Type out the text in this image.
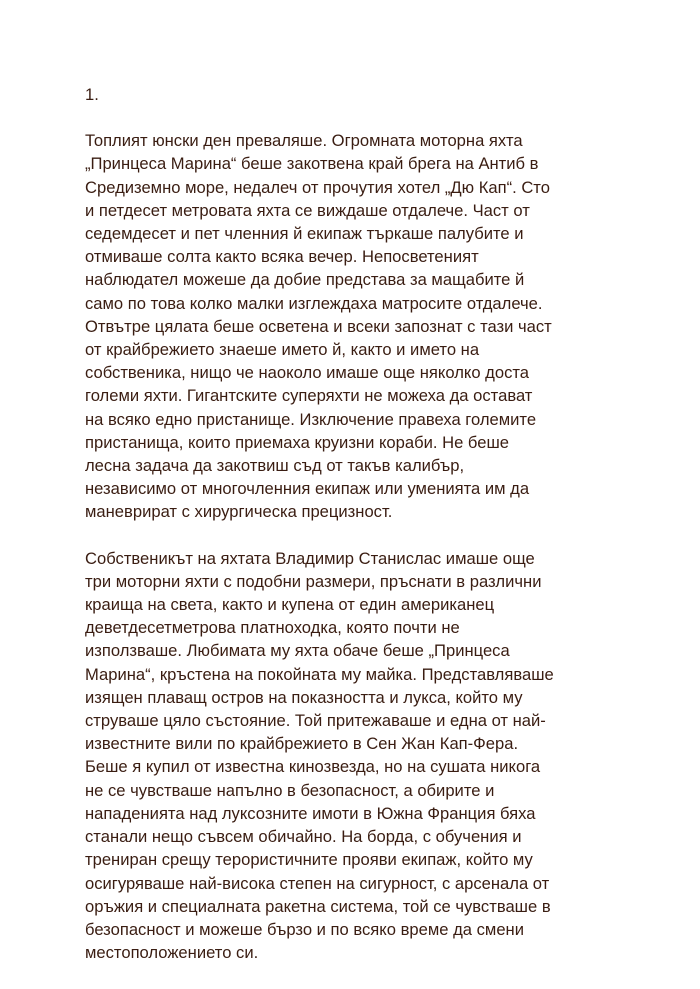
1.
Топлият юнски ден преваляше. Огромната моторна яхта
„Принцеса Марина“ беше закотвена край брега на Антиб в
Средиземно море, недалеч от прочутия хотел „Дю Кап“. Сто
и петдесет метровата яхта се виждаше отдалече. Част от
седемдесет и пет членния й екипаж търкаше палубите и
отмиваше солта както всяка вечер. Непосветеният
наблюдател можеше да добие представа за мащабите й
само по това колко малки изглеждаха матросите отдалече.
Отвътре цялата беше осветена и всеки запознат с тази част
от крайбрежието знаеше името й, както и името на
собственика, нищо че наоколо имаше още няколко доста
големи яхти. Гигантските суперяхти не можеха да остават
на всяко едно пристанище. Изключение правеха големите
пристанища, които приемаха круизни кораби. Не беше
лесна задача да закотвиш съд от такъв калибър,
независимо от многочленния екипаж или уменията им да
маневрират с хирургическа прецизност.
Собственикът на яхтата Владимир Станислас имаше още
три моторни яхти с подобни размери, пръснати в различни
краища на света, както и купена от един американец
деветдесетметрова платноходка, която почти не
използваше. Любимата му яхта обаче беше „Принцеса
Марина“, кръстена на покойната му майка. Представляваше
изящен плаващ остров на показността и лукса, който му
струваше цяло състояние. Той притежаваше и една от най-
известните вили по крайбрежието в Сен Жан Кап-Фера.
Беше я купил от известна кинозвезда, но на сушата никога
не се чувстваше напълно в безопасност, а обирите и
нападенията над луксозните имоти в Южна Франция бяха
станали нещо съвсем обичайно. На борда, с обучения и
трениран срещу терористичните прояви екипаж, който му
осигуряваше най-висока степен на сигурност, с арсенала от
оръжия и специалната ракетна система, той се чувстваше в
безопасност и можеше бързо и по всяко време да смени
местоположението си.
